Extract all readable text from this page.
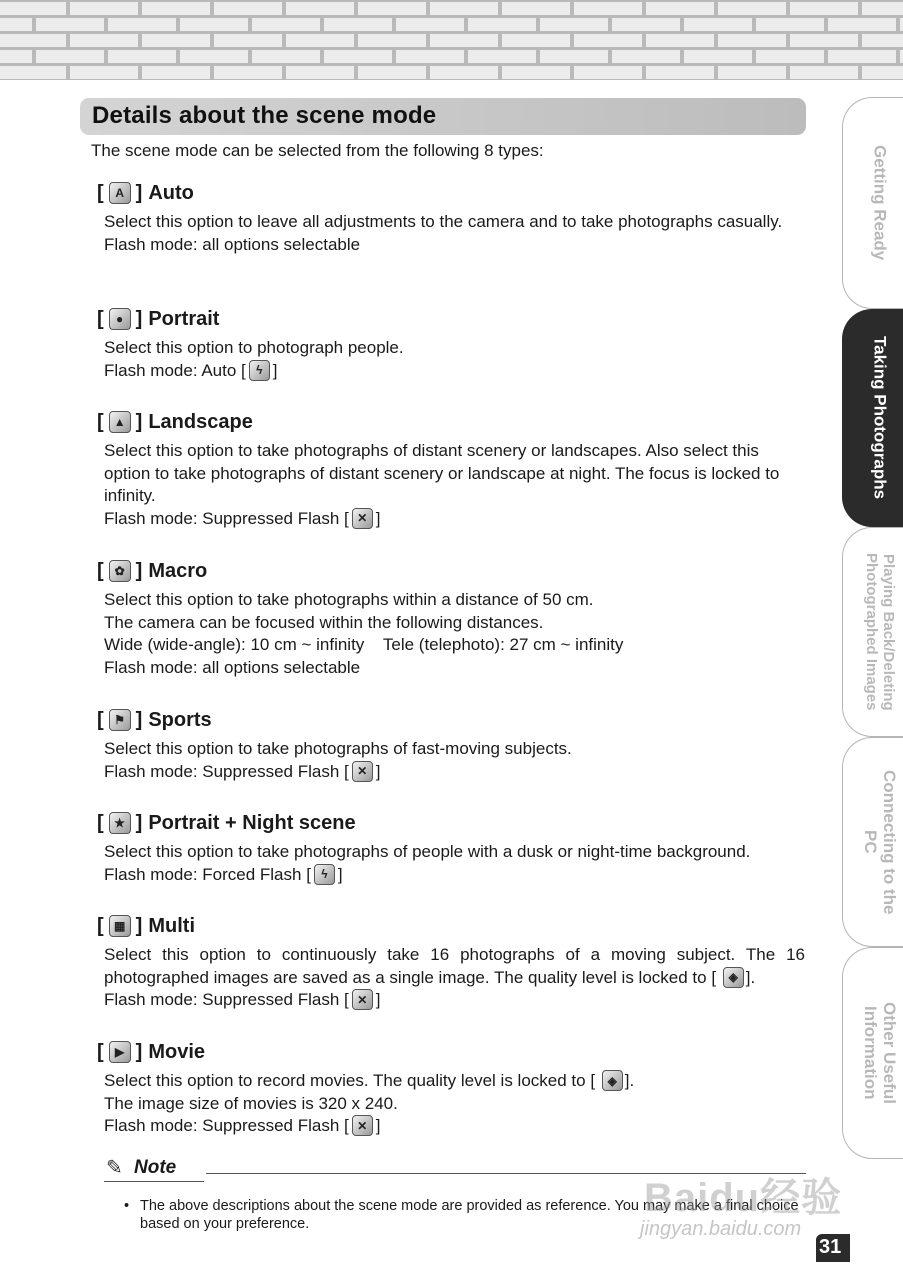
Details about the scene mode
The scene mode can be selected from the following 8 types:
[ A ] Auto

Select this option to leave all adjustments to the camera and to take photographs casually.

Flash mode: all options selectable

[	● ] Portrait

Select this option to photograph people.

Flash mode: Auto [ ϟ ]

[ ▲ ] Landscape

Select this option to take photographs of distant scenery or landscapes. Also select this option to take photographs of distant scenery or landscape at night. The focus is locked to infinity.

Flash mode: Suppressed Flash [ ✕ ]

[ ✿ ] Macro

Select this option to take photographs within a distance of 50 cm.

The camera can be focused within the following distances.

Wide (wide-angle): 10 cm ~ infinity    Tele (telephoto): 27 cm ~ infinity

Flash mode: all options selectable

[ ⚑ ] Sports

Select this option to take photographs of fast-moving subjects.

Flash mode: Suppressed Flash [ ✕ ]

[ ★ ] Portrait + Night scene

Select this option to take photographs of people with a dusk or night-time background.

Flash mode: Forced Flash [ ϟ ]

[ ▦ ] Multi

Select this option to continuously take 16 photographs of a moving subject. The 16 photographed images are saved as a single image. The quality level is locked to [	◈ ].

Flash mode: Suppressed Flash [ ✕ ]

[ ▶ ] Movie

Select this option to record movies. The quality level is locked to [	◈ ].

The image size of movies is 320 x 240.

Flash mode: Suppressed Flash [ ✕ ]

✎ Note
• The above descriptions about the scene mode are provided as reference. You may make a final choice based on your preference.

Getting Ready
Taking Photographs
Playing Back/Deleting
Photographed Images
Connecting to the
PC
Other Useful
Information
Baidu经验
jingyan.baidu.com
31
